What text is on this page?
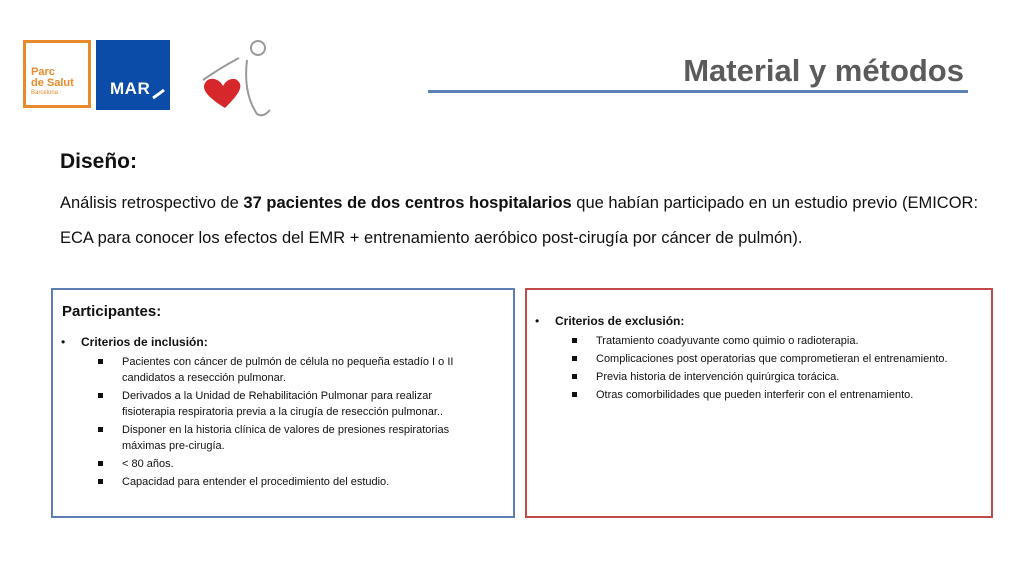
Parc
de Salut
Barcelona	MAR
Material y métodos
Diseño:
Análisis retrospectivo de 37 pacientes de dos centros hospitalarios que habían participado en un estudio previo (EMICOR: ECA para conocer los efectos del EMR + entrenamiento aeróbico post-cirugía por cáncer de pulmón).
Participantes:
• Criterios de inclusión:
Pacientes con cáncer de pulmón de célula no pequeña estadío I o II candidatos a resección pulmonar.
Derivados a la Unidad de Rehabilitación Pulmonar para realizar fisioterapia respiratoria previa a la cirugía de resección pulmonar..
Disponer en la historia clínica de valores de presiones respiratorias máximas pre-cirugía.
< 80 años.
Capacidad para entender el procedimiento del estudio.
• Criterios de exclusión:
Tratamiento coadyuvante como quimio o radioterapia.
Complicaciones post operatorias que comprometieran el entrenamiento.
Previa historia de intervención quirúrgica torácica.
Otras comorbilidades que pueden interferir con el entrenamiento.
